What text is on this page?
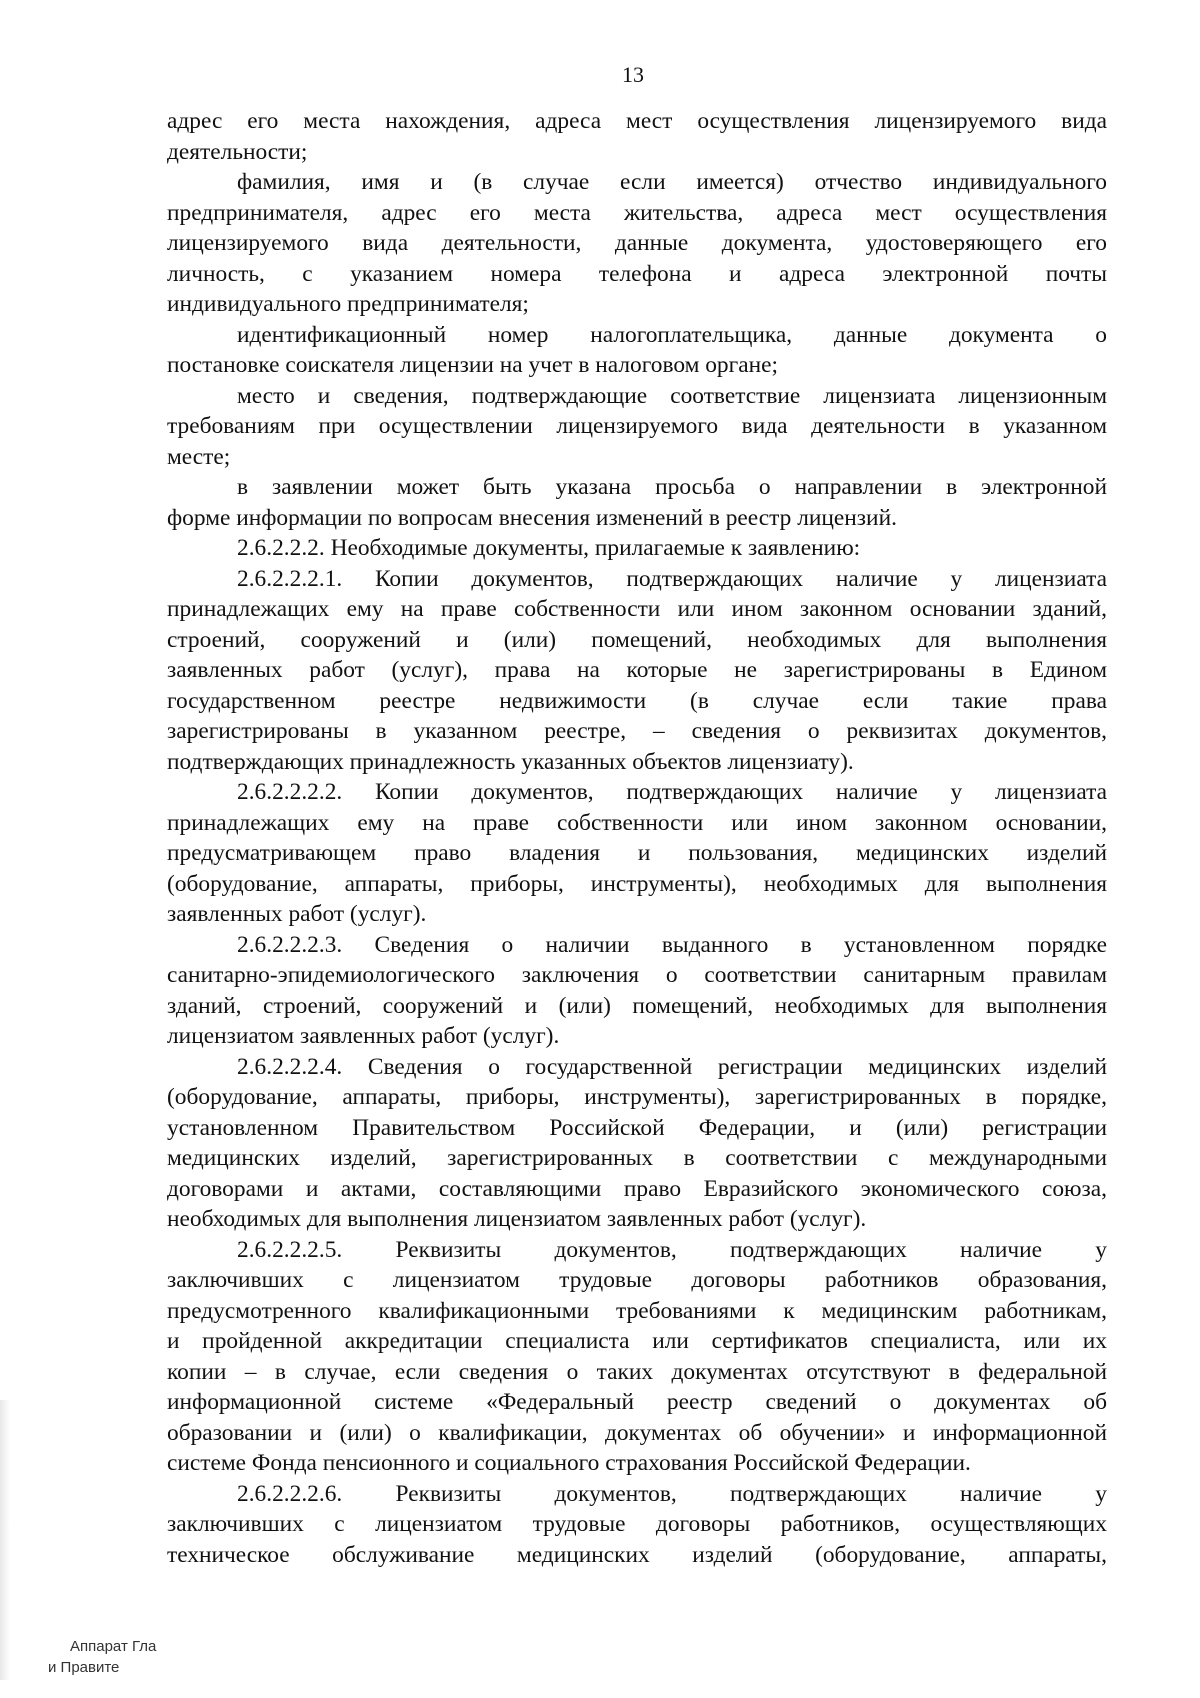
13
адрес его места нахождения, адреса мест осуществления лицензируемого вида
деятельности;
фамилия, имя и (в случае если имеется) отчество индивидуального
предпринимателя, адрес его места жительства, адреса мест осуществления
лицензируемого вида деятельности, данные документа, удостоверяющего его
личность, с указанием номера телефона и адреса электронной почты
индивидуального предпринимателя;
идентификационный номер налогоплательщика, данные документа о
постановке соискателя лицензии на учет в налоговом органе;
место и сведения, подтверждающие соответствие лицензиата лицензионным
требованиям при осуществлении лицензируемого вида деятельности в указанном
месте;
в заявлении может быть указана просьба о направлении в электронной
форме информации по вопросам внесения изменений в реестр лицензий.
2.6.2.2.2. Необходимые документы, прилагаемые к заявлению:
2.6.2.2.2.1. Копии документов, подтверждающих наличие у лицензиата
принадлежащих ему на праве собственности или ином законном основании зданий,
строений, сооружений и (или) помещений, необходимых для выполнения
заявленных работ (услуг), права на которые не зарегистрированы в Едином
государственном реестре недвижимости (в случае если такие права
зарегистрированы в указанном реестре, – сведения о реквизитах документов,
подтверждающих принадлежность указанных объектов лицензиату).
2.6.2.2.2.2. Копии документов, подтверждающих наличие у лицензиата
принадлежащих ему на праве собственности или ином законном основании,
предусматривающем право владения и пользования, медицинских изделий
(оборудование, аппараты, приборы, инструменты), необходимых для выполнения
заявленных работ (услуг).
2.6.2.2.2.3. Сведения о наличии выданного в установленном порядке
санитарно-эпидемиологического заключения о соответствии санитарным правилам
зданий, строений, сооружений и (или) помещений, необходимых для выполнения
лицензиатом заявленных работ (услуг).
2.6.2.2.2.4. Сведения о государственной регистрации медицинских изделий
(оборудование, аппараты, приборы, инструменты), зарегистрированных в порядке,
установленном Правительством Российской Федерации, и (или) регистрации
медицинских изделий, зарегистрированных в соответствии с международными
договорами и актами, составляющими право Евразийского экономического союза,
необходимых для выполнения лицензиатом заявленных работ (услуг).
2.6.2.2.2.5. Реквизиты документов, подтверждающих наличие у
заключивших с лицензиатом трудовые договоры работников образования,
предусмотренного квалификационными требованиями к медицинским работникам,
и пройденной аккредитации специалиста или сертификатов специалиста, или их
копии – в случае, если сведения о таких документах отсутствуют в федеральной
информационной системе «Федеральный реестр сведений о документах об
образовании и (или) о квалификации, документах об обучении» и информационной
системе Фонда пенсионного и социального страхования Российской Федерации.
2.6.2.2.2.6. Реквизиты документов, подтверждающих наличие у
заключивших с лицензиатом трудовые договоры работников, осуществляющих
техническое обслуживание медицинских изделий (оборудование, аппараты,
Аппарат Гла
и Правите
